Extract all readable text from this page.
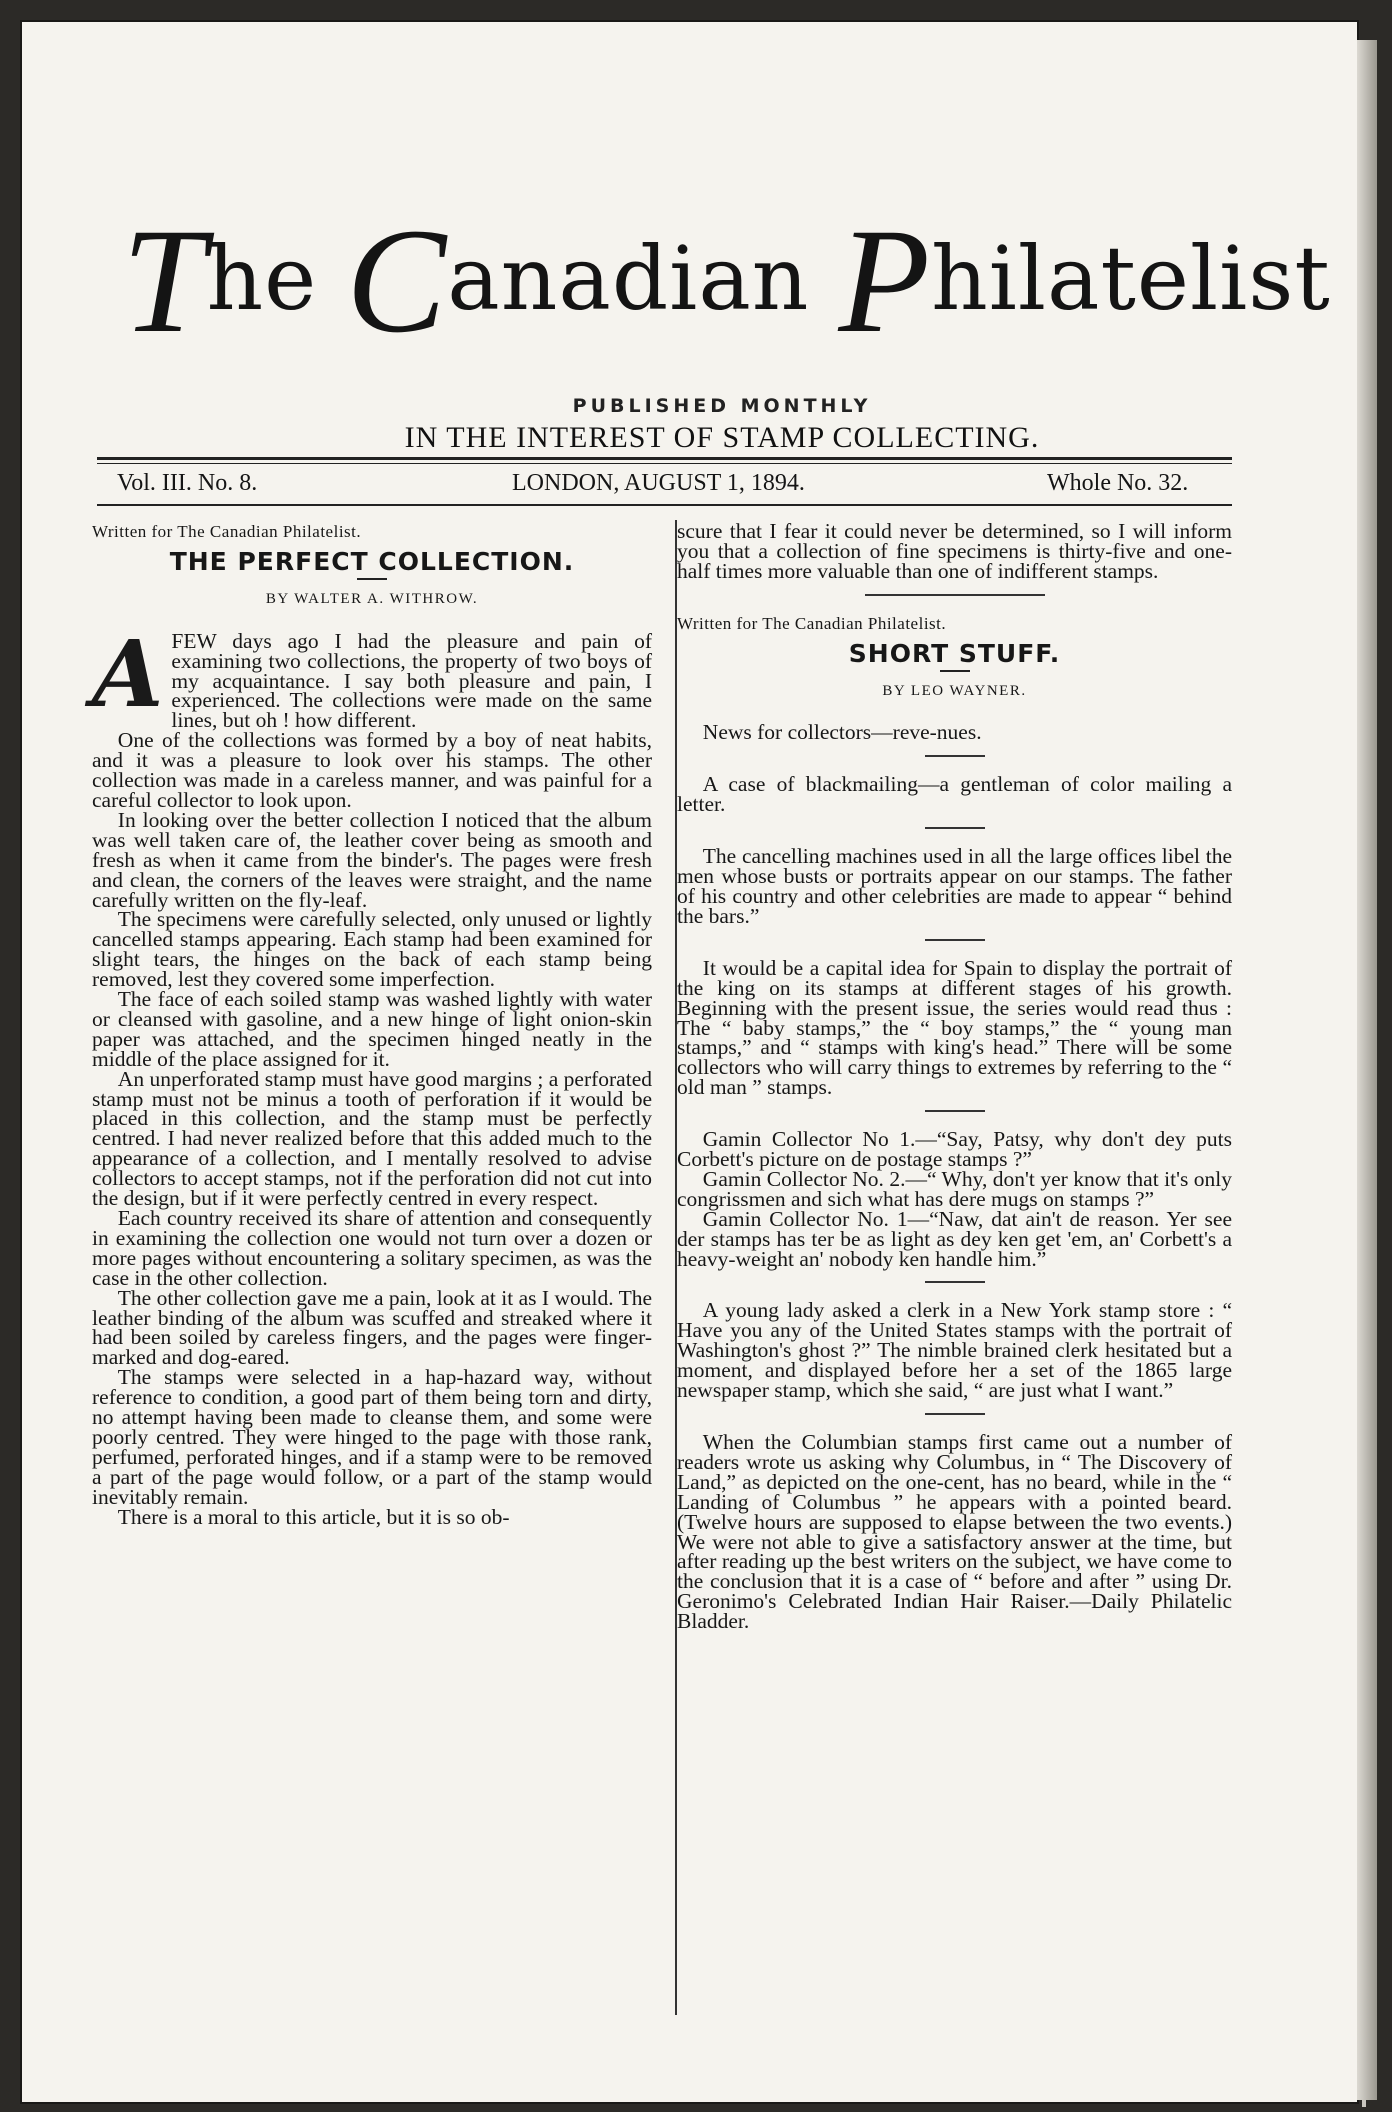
The Canadian Philatelist
PUBLISHED MONTHLY
IN THE INTEREST OF STAMP COLLECTING.
Vol. III. No. 8.	LONDON, AUGUST 1, 1894.	Whole No. 32.

Written for The Canadian Philatelist.

THE PERFECT COLLECTION.
BY WALTER A. WITHROW.

AFEW days ago I had the pleasure and pain of examining two collections, the property of two boys of my acquaintance. I say both pleasure and pain, I experienced. The collections were made on the same lines, but oh ! how different.

One of the collections was formed by a boy of neat habits, and it was a pleasure to look over his stamps. The other collection was made in a careless manner, and was painful for a careful collector to look upon.

In looking over the better collection I noticed that the album was well taken care of, the leather cover being as smooth and fresh as when it came from the binder's. The pages were fresh and clean, the corners of the leaves were straight, and the name carefully written on the fly-leaf.

The specimens were carefully selected, only unused or lightly cancelled stamps appearing. Each stamp had been examined for slight tears, the hinges on the back of each stamp being removed, lest they covered some imperfection.

The face of each soiled stamp was washed lightly with water or cleansed with gasoline, and a new hinge of light onion-skin paper was attached, and the specimen hinged neatly in the middle of the place assigned for it.

An unperforated stamp must have good margins ; a perforated stamp must not be minus a tooth of perforation if it would be placed in this collection, and the stamp must be perfectly centred. I had never realized before that this added much to the appearance of a collection, and I mentally resolved to advise collectors to accept stamps, not if the perforation did not cut into the design, but if it were perfectly centred in every respect.

Each country received its share of attention and consequently in examining the collection one would not turn over a dozen or more pages without encountering a solitary specimen, as was the case in the other collection.

The other collection gave me a pain, look at it as I would. The leather binding of the album was scuffed and streaked where it had been soiled by careless fingers, and the pages were finger-marked and dog-eared.

The stamps were selected in a hap-hazard way, without reference to condition, a good part of them being torn and dirty, no attempt having been made to cleanse them, and some were poorly centred. They were hinged to the page with those rank, perfumed, perforated hinges, and if a stamp were to be removed a part of the page would follow, or a part of the stamp would inevitably remain.

There is a moral to this article, but it is so ob-

scure that I fear it could never be determined, so I will inform you that a collection of fine specimens is thirty-five and one-half times more valuable than one of indifferent stamps.

Written for The Canadian Philatelist.

SHORT STUFF.
BY LEO WAYNER.

News for collectors—reve-nues.

A case of blackmailing—a gentleman of color mailing a letter.

The cancelling machines used in all the large offices libel the men whose busts or portraits appear on our stamps. The father of his country and other celebrities are made to appear “ behind the bars.”

It would be a capital idea for Spain to display the portrait of the king on its stamps at different stages of his growth. Beginning with the present issue, the series would read thus : The “ baby stamps,” the “ boy stamps,” the “ young man stamps,” and “ stamps with king's head.” There will be some collectors who will carry things to extremes by referring to the “ old man ” stamps.

Gamin Collector No 1.—“Say, Patsy, why don't dey puts Corbett's picture on de postage stamps ?”

Gamin Collector No. 2.—“ Why, don't yer know that it's only congrissmen and sich what has dere mugs on stamps ?”

Gamin Collector No. 1—“Naw, dat ain't de reason. Yer see der stamps has ter be as light as dey ken get 'em, an' Corbett's a heavy-weight an' nobody ken handle him.”

A young lady asked a clerk in a New York stamp store : “ Have you any of the United States stamps with the portrait of Washington's ghost ?” The nimble brained clerk hesitated but a moment, and displayed before her a set of the 1865 large newspaper stamp, which she said, “ are just what I want.”

When the Columbian stamps first came out a number of readers wrote us asking why Columbus, in “ The Discovery of Land,” as depicted on the one-cent, has no beard, while in the “ Landing of Columbus ” he appears with a pointed beard. (Twelve hours are supposed to elapse between the two events.) We were not able to give a satisfactory answer at the time, but after reading up the best writers on the subject, we have come to the conclusion that it is a case of “ before and after ” using Dr. Geronimo's Celebrated Indian Hair Raiser.—Daily Philatelic Bladder.
